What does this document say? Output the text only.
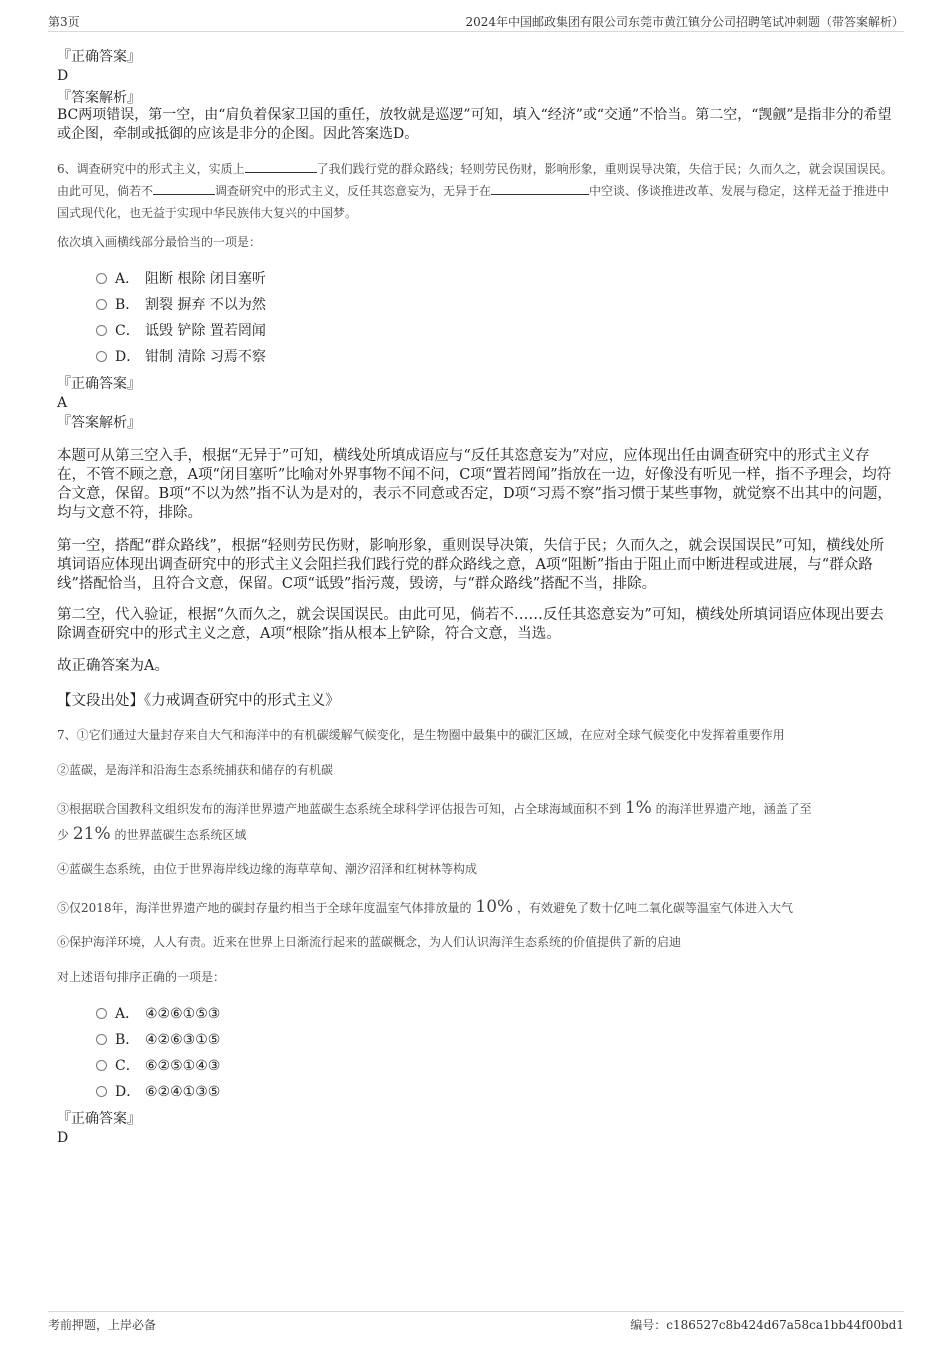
第3页	2024年中国邮政集团有限公司东莞市黄江镇分公司招聘笔试冲刺题（带答案解析）
『正确答案』
D
『答案解析』
BC两项错误，第一空，由“肩负着保家卫国的重任，放牧就是巡逻”可知，填入“经济”或“交通”不恰当。第二空，“觊觎”是指非分的希望或企图，牵制或抵御的应该是非分的企图。因此答案选D。
6、调查研究中的形式主义，实质上	了我们践行党的群众路线；轻则劳民伤财，影响形象，重则误导决策，失信于民；久而久之，就会误国误民。由此可见，倘若不	调查研究中的形式主义，反任其恣意妄为，无异于在	中空谈、侈谈推进改革、发展与稳定，这样无益于推进中国式现代化，也无益于实现中华民族伟大复兴的中国梦。
依次填入画横线部分最恰当的一项是：
A． 阻断 根除 闭目塞听
B． 割裂 摒弃 不以为然
C． 诋毁 铲除 置若罔闻
D． 钳制 清除 习焉不察
『正确答案』
A
『答案解析』
本题可从第三空入手，根据“无异于”可知，横线处所填成语应与“反任其恣意妄为”对应，应体现出任由调查研究中的形式主义存在，不管不顾之意，A项“闭目塞听”比喻对外界事物不闻不问，C项“置若罔闻”指放在一边，好像没有听见一样，指不予理会，均符合文意，保留。B项“不以为然”指不认为是对的，表示不同意或否定，D项“习焉不察”指习惯于某些事物，就觉察不出其中的问题，均与文意不符，排除。
第一空，搭配“群众路线”，根据“轻则劳民伤财，影响形象，重则误导决策，失信于民；久而久之，就会误国误民”可知，横线处所填词语应体现出调查研究中的形式主义会阻拦我们践行党的群众路线之意，A项“阻断”指由于阻止而中断进程或进展，与“群众路线”搭配恰当，且符合文意，保留。C项“诋毁”指污蔑，毁谤，与“群众路线”搭配不当，排除。
第二空，代入验证，根据“久而久之，就会误国误民。由此可见，倘若不……反任其恣意妄为”可知，横线处所填词语应体现出要去除调查研究中的形式主义之意，A项“根除”指从根本上铲除，符合文意，当选。
故正确答案为A。
【文段出处】《力戒调查研究中的形式主义》
7、①它们通过大量封存来自大气和海洋中的有机碳缓解气候变化，是生物圈中最集中的碳汇区域，在应对全球气候变化中发挥着重要作用
②蓝碳，是海洋和沿海生态系统捕获和储存的有机碳
③根据联合国教科文组织发布的海洋世界遗产地蓝碳生态系统全球科学评估报告可知，占全球海域面积不到 1% 的海洋世界遗产地，涵盖了至
少 21% 的世界蓝碳生态系统区域
④蓝碳生态系统，由位于世界海岸线边缘的海草草甸、潮汐沼泽和红树林等构成
⑤仅2018年，海洋世界遗产地的碳封存量约相当于全球年度温室气体排放量的 10% ，有效避免了数十亿吨二氧化碳等温室气体进入大气
⑥保护海洋环境，人人有责。近来在世界上日渐流行起来的蓝碳概念，为人们认识海洋生态系统的价值提供了新的启迪
对上述语句排序正确的一项是：
A． ④②⑥①⑤③
B． ④②⑥③①⑤
C． ⑥②⑤①④③
D． ⑥②④①③⑤
『正确答案』
D
考前押题，上岸必备	编号：c186527c8b424d67a58ca1bb44f00bd1
